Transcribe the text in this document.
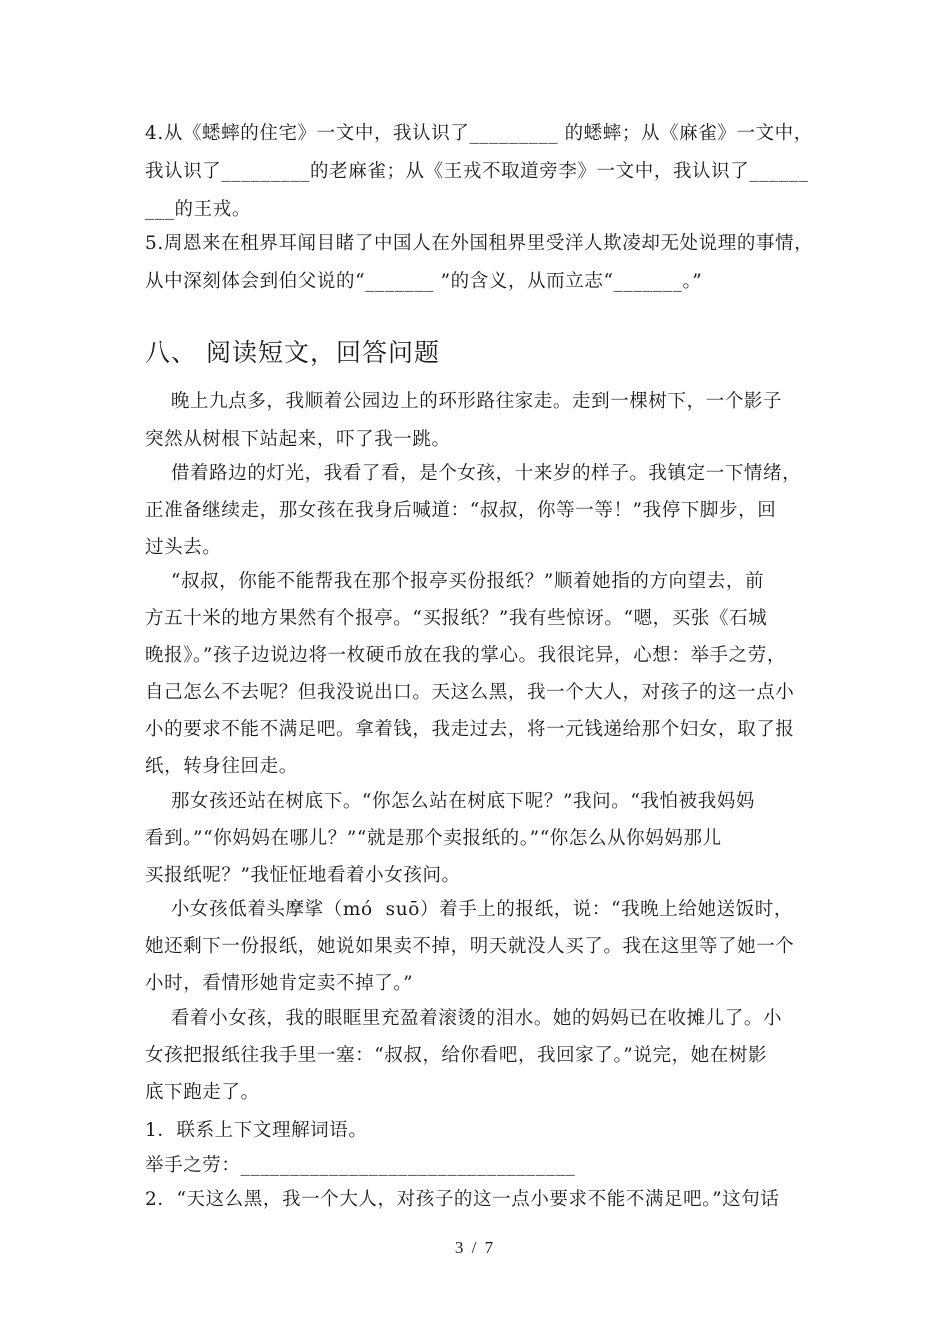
4.从《蟋蟀的住宅》一文中，我认识了_________ 的蟋蟀；从《麻雀》一文中，
我认识了_________的老麻雀；从《王戎不取道旁李》一文中，我认识了______
___的王戎。
5.周恩来在租界耳闻目睹了中国人在外国租界里受洋人欺凌却无处说理的事情，
从中深刻体会到伯父说的“_______ ”的含义，从而立志“_______。”
八、 阅读短文，回答问题
晚上九点多，我顺着公园边上的环形路往家走。走到一棵树下，一个影子
突然从树根下站起来，吓了我一跳。
借着路边的灯光，我看了看，是个女孩，十来岁的样子。我镇定一下情绪，
正准备继续走，那女孩在我身后喊道：“叔叔，你等一等！”我停下脚步，回
过头去。
“叔叔，你能不能帮我在那个报亭买份报纸？”顺着她指的方向望去，前
方五十米的地方果然有个报亭。“买报纸？”我有些惊讶。“嗯，买张《石城
晚报》。”孩子边说边将一枚硬币放在我的掌心。我很诧异，心想：举手之劳，
自己怎么不去呢？但我没说出口。天这么黑，我一个大人，对孩子的这一点小
小的要求不能不满足吧。拿着钱，我走过去，将一元钱递给那个妇女，取了报
纸，转身往回走。
那女孩还站在树底下。“你怎么站在树底下呢？”我问。“我怕被我妈妈
看到。”“你妈妈在哪儿？”“就是那个卖报纸的。”“你怎么从你妈妈那儿
买报纸呢？”我怔怔地看着小女孩问。
小女孩低着头摩挲（mó  suō）着手上的报纸，说：“我晚上给她送饭时，
她还剩下一份报纸，她说如果卖不掉，明天就没人买了。我在这里等了她一个
小时，看情形她肯定卖不掉了。”
看着小女孩，我的眼眶里充盈着滚烫的泪水。她的妈妈已在收摊儿了。小
女孩把报纸往我手里一塞：“叔叔，给你看吧，我回家了。”说完，她在树影
底下跑走了。
1．联系上下文理解词语。
举手之劳：__________________________________
2．“天这么黑，我一个大人，对孩子的这一点小要求不能不满足吧。”这句话
3 / 7
